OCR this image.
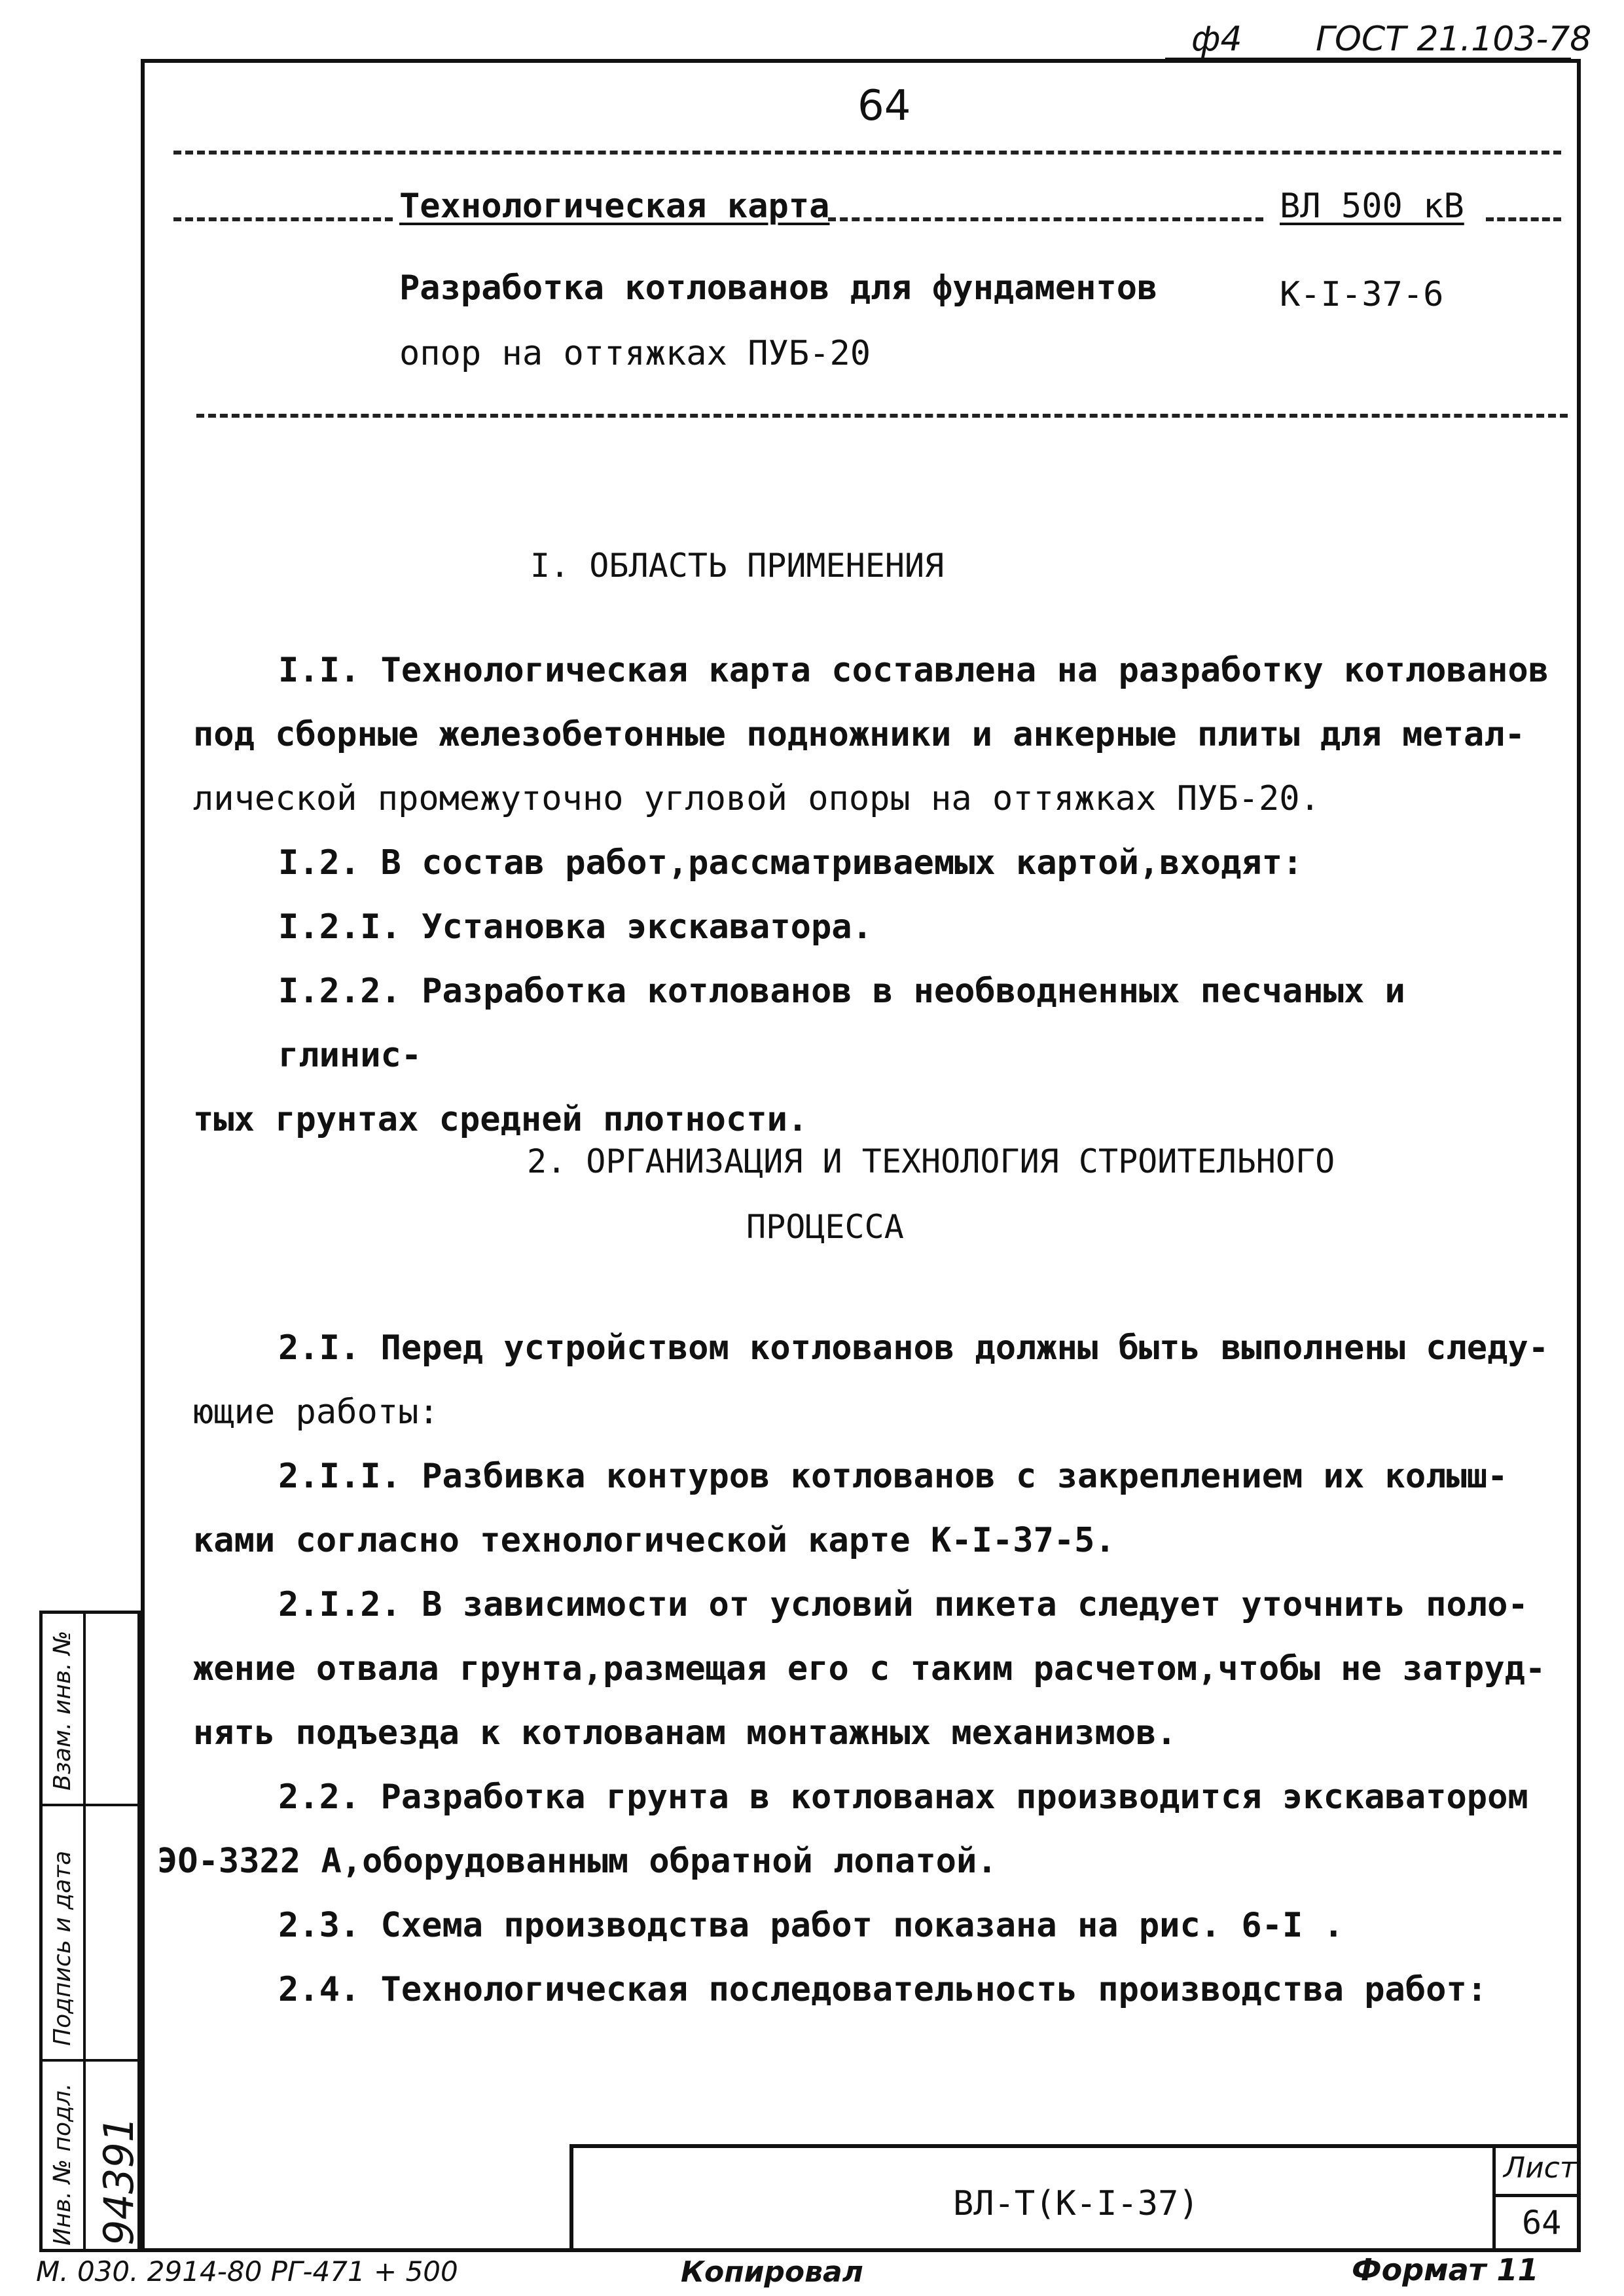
ф4 ГОСТ 21.103-78
64
Технологическая карта	ВЛ 500 кВ
Разработка котлованов для фундаментов	К-I-37-6
опор на оттяжках ПУБ-20
I. ОБЛАСТЬ ПРИМЕНЕНИЯ

I.I. Технологическая карта составлена на разработку котлованов

под сборные железобетонные подножники и анкерные плиты для метал-

лической промежуточно угловой опоры на оттяжках ПУБ-20.

I.2. В состав работ,рассматриваемых картой,входят:

I.2.I. Установка экскаватора.

I.2.2. Разработка котлованов в необводненных песчаных и глинис-

тых грунтах средней плотности.

2. ОРГАНИЗАЦИЯ И ТЕХНОЛОГИЯ СТРОИТЕЛЬНОГО
ПРОЦЕССА

2.I. Перед устройством котлованов должны быть выполнены следу-

ющие работы:

2.I.I. Разбивка контуров котлованов с закреплением их колыш-

ками согласно технологической карте К-I-37-5.

2.I.2. В зависимости от условий пикета следует уточнить поло-

жение отвала грунта,размещая его с таким расчетом,чтобы не затруд-

нять подъезда к котлованам монтажных механизмов.

2.2. Разработка грунта в котлованах производится экскаватором

ЭО-3322 А,оборудованным обратной лопатой.

2.3. Схема производства работ показана на рис. 6-I .

2.4. Технологическая последовательность производства работ:

ВЛ-Т(К-I-37)
Лист
64
Взам. инв. №
Подпись и дата
Инв. № подл. 94391
М. 030. 2914-80 РГ-471 + 500	Копировал	Формат 11
